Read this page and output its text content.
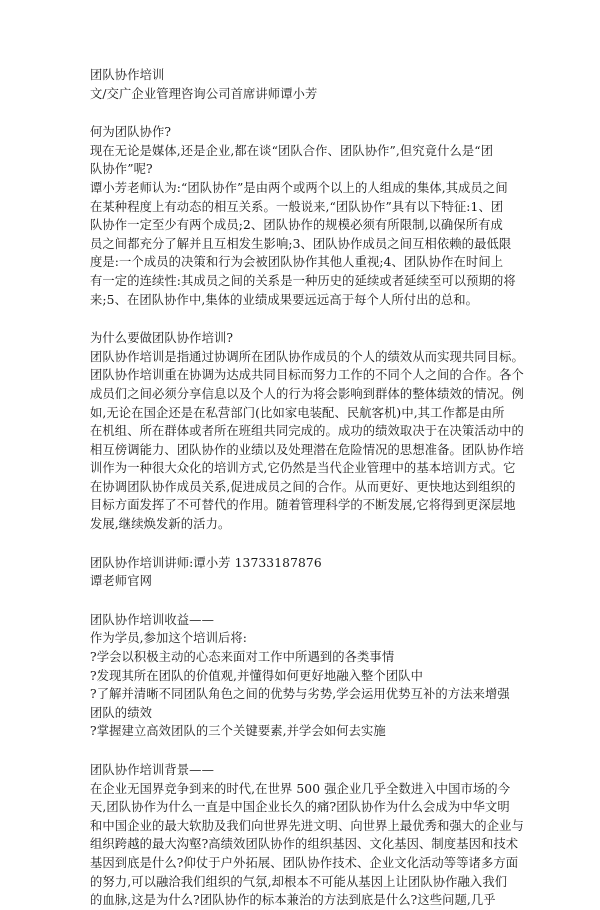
团队协作培训
文/交广企业管理咨询公司首席讲师谭小芳
何为团队协作?
现在无论是媒体,还是企业,都在谈“团队合作、团队协作”,但究竟什么是“团
队协作”呢?
谭小芳老师认为:“团队协作”是由两个或两个以上的人组成的集体,其成员之间
在某种程度上有动态的相互关系。一般说来,“团队协作”具有以下特征:1、团
队协作一定至少有两个成员;2、团队协作的规模必须有所限制,以确保所有成
员之间都充分了解并且互相发生影响;3、团队协作成员之间互相依赖的最低限
度是:一个成员的决策和行为会被团队协作其他人重视;4、团队协作在时间上
有一定的连续性:其成员之间的关系是一种历史的延续或者延续至可以预期的将
来;5、在团队协作中,集体的业绩成果要远远高于每个人所付出的总和。
为什么要做团队协作培训?
团队协作培训是指通过协调所在团队协作成员的个人的绩效从而实现共同目标。
团队协作培训重在协调为达成共同目标而努力工作的不同个人之间的合作。各个
成员们之间必须分享信息以及个人的行为将会影响到群体的整体绩效的情况。例
如,无论在国企还是在私营部门(比如家电装配、民航客机)中,其工作都是由所
在机组、所在群体或者所在班组共同完成的。成功的绩效取决于在决策活动中的
相互傍调能力、团队协作的业绩以及处理潜在危险情况的思想准备。团队协作培
训作为一种很大众化的培训方式,它仍然是当代企业管理中的基本培训方式。它
在协调团队协作成员关系,促进成员之间的合作。从而更好、更快地达到组织的
目标方面发挥了不可替代的作用。随着管理科学的不断发展,它将得到更深层地
发展,继续焕发新的活力。
团队协作培训讲师:谭小芳 13733187876
谭老师官网
团队协作培训收益——
作为学员,参加这个培训后将:
?学会以积极主动的心态来面对工作中所遇到的各类事情
?发现其所在团队的价值观,并懂得如何更好地融入整个团队中
?了解并清晰不同团队角色之间的优势与劣势,学会运用优势互补的方法来增强
团队的绩效
?掌握建立高效团队的三个关键要素,并学会如何去实施
团队协作培训背景——
在企业无国界竞争到来的时代,在世界 500 强企业几乎全数进入中国市场的今
天,团队协作为什么一直是中国企业长久的痛?团队协作为什么会成为中华文明
和中国企业的最大软肋及我们向世界先进文明、向世界上最优秀和强大的企业与
组织跨越的最大沟壑?高绩效团队协作的组织基因、文化基因、制度基因和技术
基因到底是什么?仰仗于户外拓展、团队协作技术、企业文化活动等等诸多方面
的努力,可以融洽我们组织的气氛,却根本不可能从基因上让团队协作融入我们
的血脉,这是为什么?团队协作的标本兼治的方法到底是什么?这些问题,几乎
